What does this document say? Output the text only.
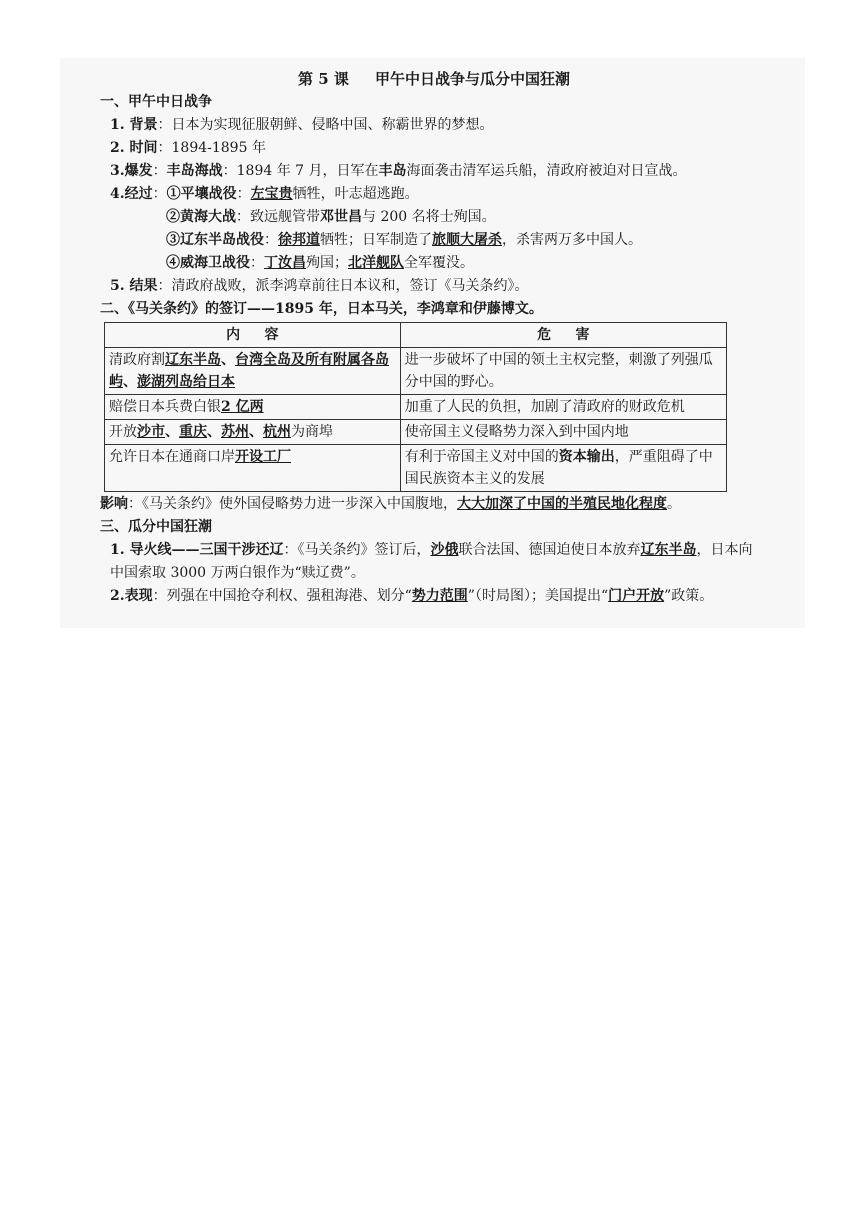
第 5 课     甲午中日战争与瓜分中国狂潮
一、甲午中日战争
1. 背景：日本为实现征服朝鲜、侵略中国、称霸世界的梦想。
2. 时间：1894-1895 年
3.爆发：丰岛海战：1894 年 7 月，日军在丰岛海面袭击清军运兵船，清政府被迫对日宣战。
4.经过：①平壤战役：左宝贵牺牲，叶志超逃跑。
②黄海大战：致远舰管带邓世昌与 200 名将士殉国。
③辽东半岛战役：徐邦道牺牲；日军制造了旅顺大屠杀，杀害两万多中国人。
④威海卫战役：丁汝昌殉国；北洋舰队全军覆没。
5. 结果：清政府战败，派李鸿章前往日本议和，签订《马关条约》。
二、《马关条约》的签订——1895 年，日本马关，李鸿章和伊藤博文。
内     容	危     害
清政府割辽东半岛、台湾全岛及所有附属各岛屿、澎湖列岛给日本	进一步破坏了中国的领土主权完整，刺激了列强瓜分中国的野心。
赔偿日本兵费白银2 亿两	加重了人民的负担，加剧了清政府的财政危机
开放沙市、重庆、苏州、杭州为商埠	使帝国主义侵略势力深入到中国内地
允许日本在通商口岸开设工厂	有利于帝国主义对中国的资本输出，严重阻碍了中国民族资本主义的发展
影响：《马关条约》使外国侵略势力进一步深入中国腹地，大大加深了中国的半殖民地化程度。
三、瓜分中国狂潮
1. 导火线——三国干涉还辽：《马关条约》签订后，沙俄联合法国、德国迫使日本放弃辽东半岛，日本向中国索取 3000 万两白银作为“赎辽费”。
2.表现：列强在中国抢夺利权、强租海港、划分“势力范围”（时局图）；美国提出“门户开放”政策。
